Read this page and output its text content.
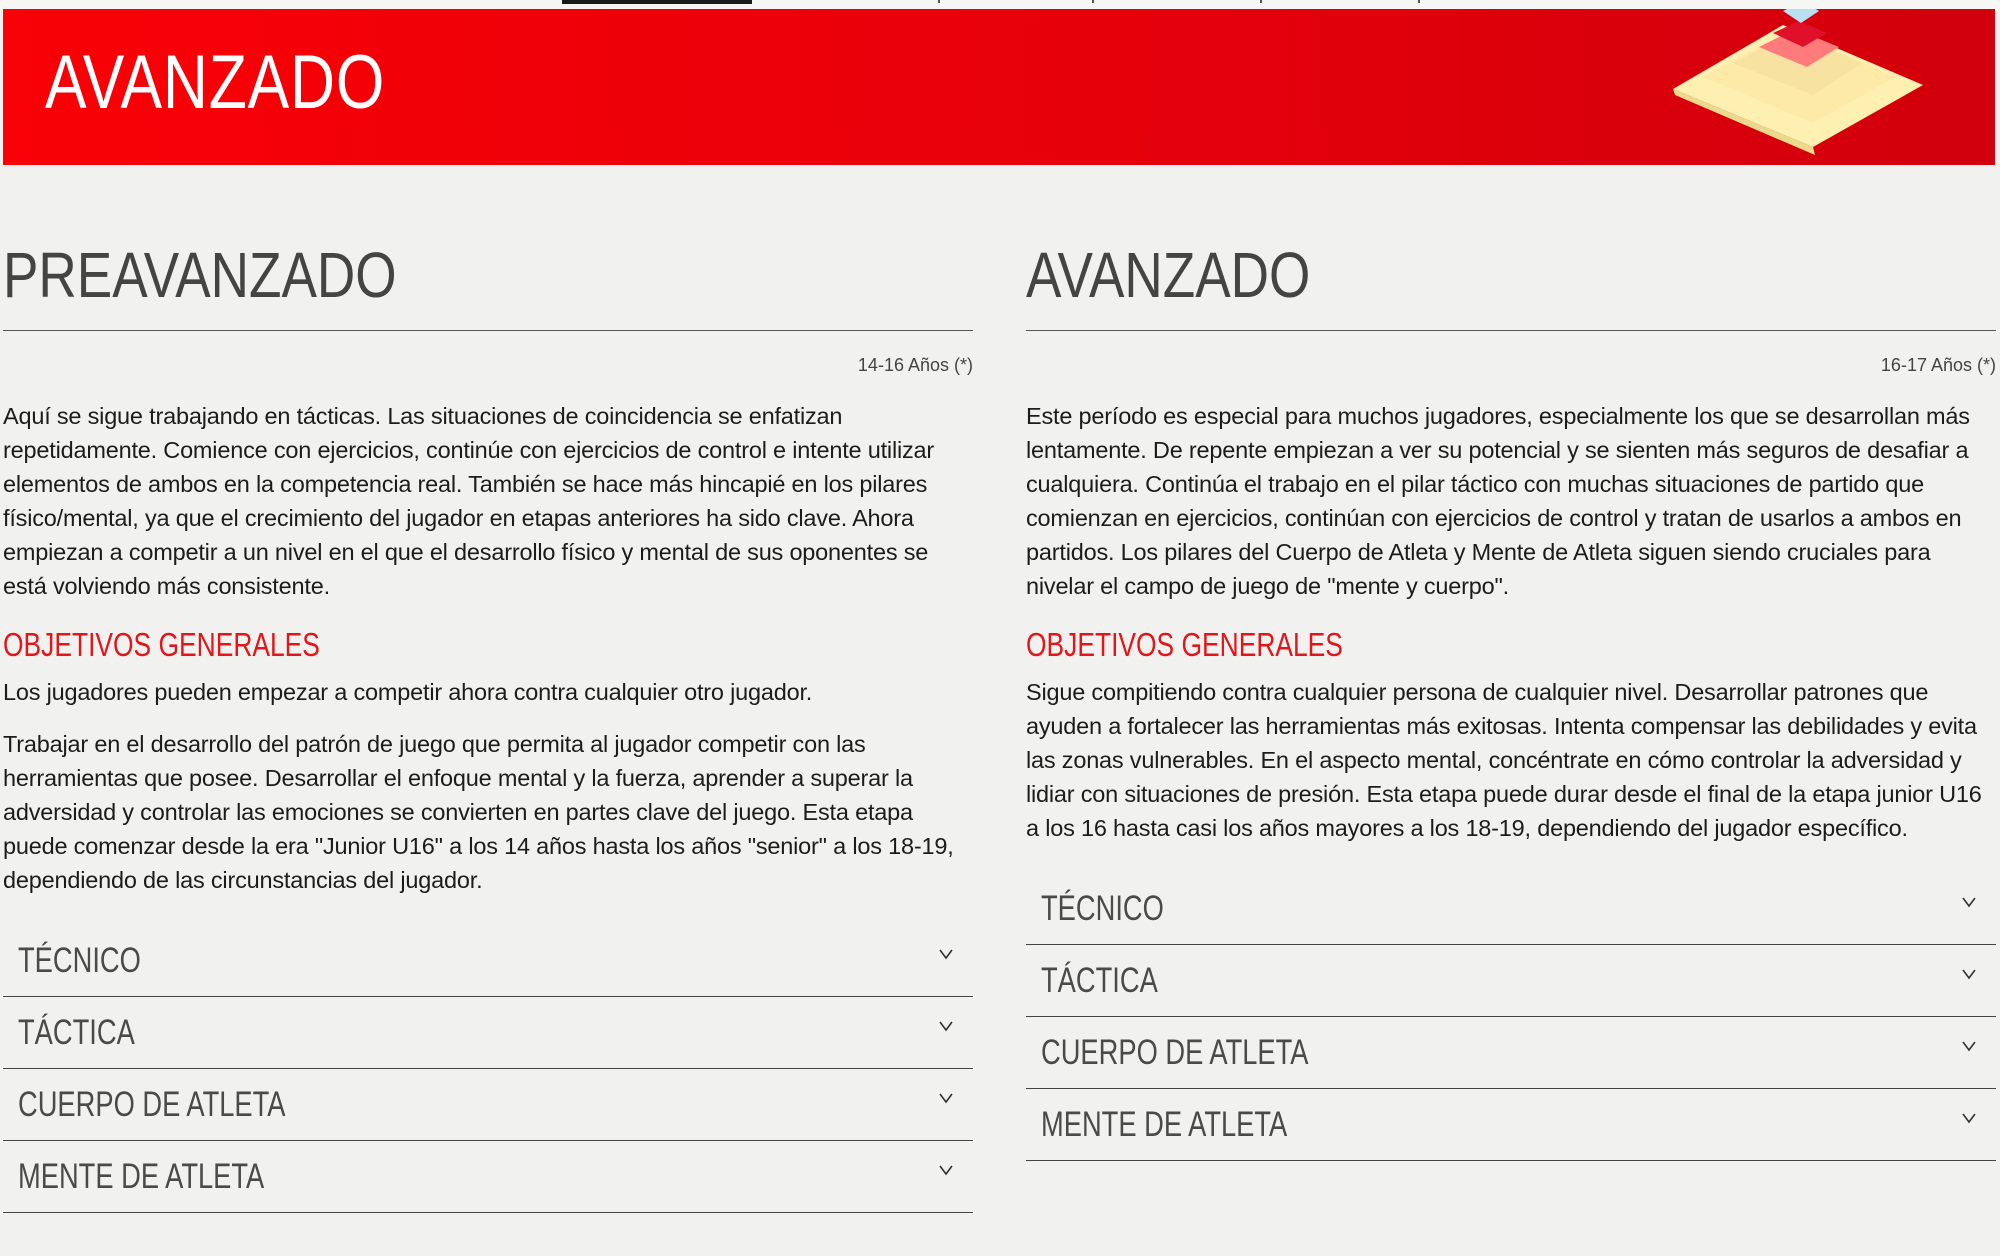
AVANZADO
PREAVANZADO
14-16 Años (*)

Aquí se sigue trabajando en tácticas. Las situaciones de coincidencia se enfatizan repetidamente. Comience con ejercicios, continúe con ejercicios de control e intente utilizar elementos de ambos en la competencia real. También se hace más hincapié en los pilares físico/mental, ya que el crecimiento del jugador en etapas anteriores ha sido clave. Ahora empiezan a competir a un nivel en el que el desarrollo físico y mental de sus oponentes se está volviendo más consistente.

OBJETIVOS GENERALES

Los jugadores pueden empezar a competir ahora contra cualquier otro jugador.

Trabajar en el desarrollo del patrón de juego que permita al jugador competir con las herramientas que posee. Desarrollar el enfoque mental y la fuerza, aprender a superar la adversidad y controlar las emociones se convierten en partes clave del juego. Esta etapa puede comenzar desde la era "Junior U16" a los 14 años hasta los años "senior" a los 18-19, dependiendo de las circunstancias del jugador.

TÉCNICO
TÁCTICA
CUERPO DE ATLETA
MENTE DE ATLETA
AVANZADO
16-17 Años (*)

Este período es especial para muchos jugadores, especialmente los que se desarrollan más lentamente. De repente empiezan a ver su potencial y se sienten más seguros de desafiar a cualquiera. Continúa el trabajo en el pilar táctico con muchas situaciones de partido que comienzan en ejercicios, continúan con ejercicios de control y tratan de usarlos a ambos en partidos. Los pilares del Cuerpo de Atleta y Mente de Atleta siguen siendo cruciales para nivelar el campo de juego de "mente y cuerpo".

OBJETIVOS GENERALES

Sigue compitiendo contra cualquier persona de cualquier nivel. Desarrollar patrones que ayuden a fortalecer las herramientas más exitosas. Intenta compensar las debilidades y evita las zonas vulnerables. En el aspecto mental, concéntrate en cómo controlar la adversidad y lidiar con situaciones de presión. Esta etapa puede durar desde el final de la etapa junior U16 a los 16 hasta casi los años mayores a los 18-19, dependiendo del jugador específico.

TÉCNICO
TÁCTICA
CUERPO DE ATLETA
MENTE DE ATLETA
